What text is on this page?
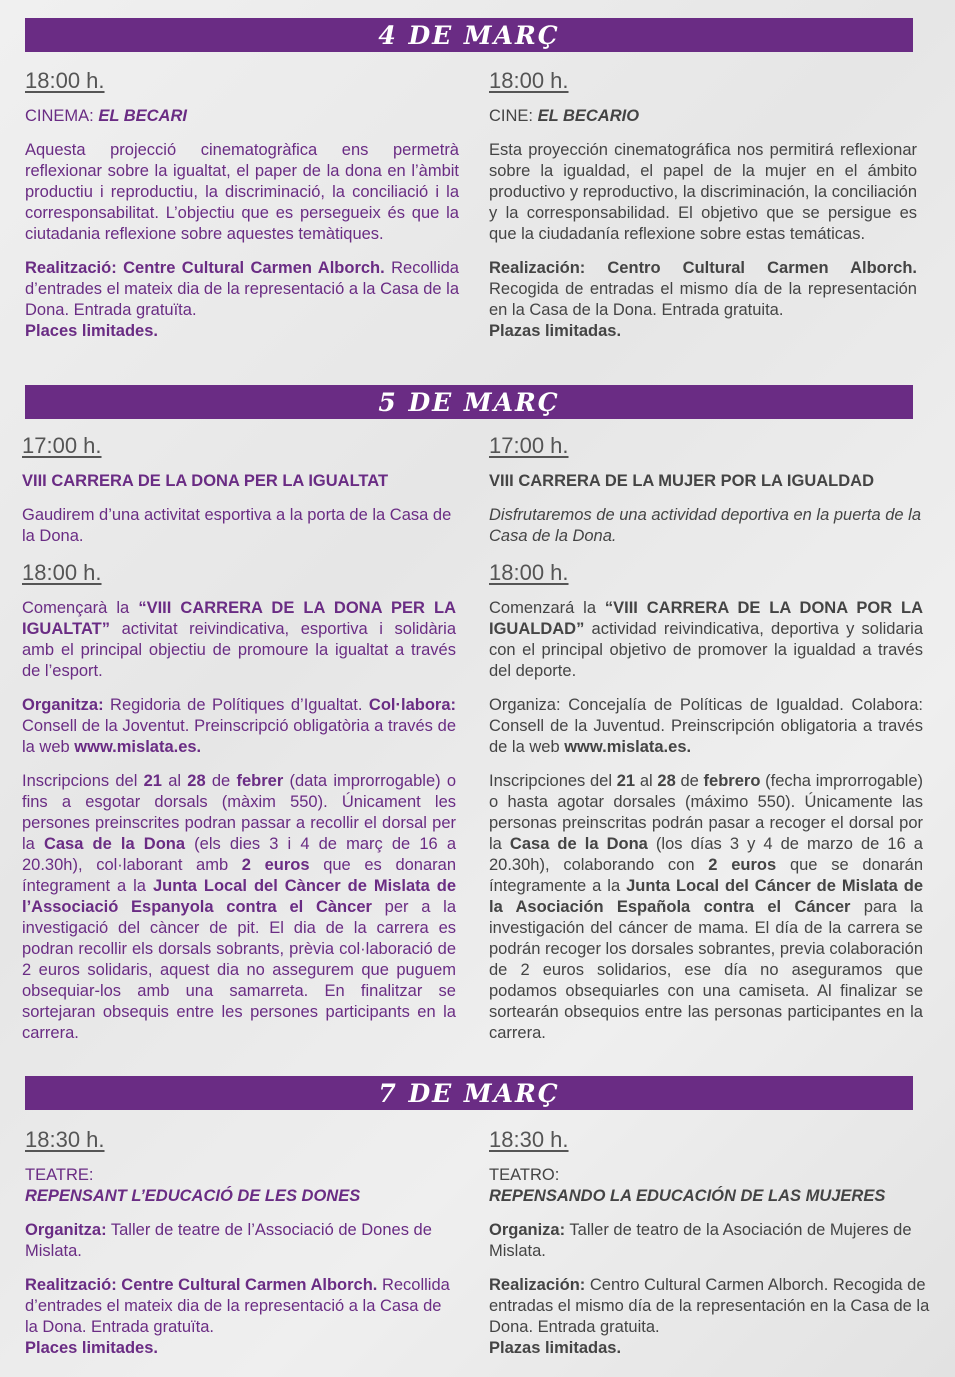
4 DE MARÇ
18:00 h.

CINEMA: EL BECARI

Aquesta projecció cinematogràfica ens permetrà reflexionar sobre la igualtat, el paper de la dona en l’àmbit productiu i reproductiu, la discriminació, la conciliació i la corresponsabilitat. L’objectiu que es persegueix és que la ciutadania reflexione sobre aquestes temàtiques.

Realització: Centre Cultural Carmen Alborch. Recollida d’entrades el mateix dia de la representació a la Casa de la Dona. Entrada gratuïta.

Places limitades.

18:00 h.

CINE: EL BECARIO

Esta proyección cinematográfica nos permitirá reflexionar sobre la igualdad, el papel de la mujer en el ámbito productivo y reproductivo, la discriminación, la conciliación y la corresponsabilidad. El objetivo que se persigue es que la ciudadanía reflexione sobre estas temáticas.

Realización: Centro Cultural Carmen Alborch. Recogida de entradas el mismo día de la representación en la Casa de la Dona. Entrada gratuita.

Plazas limitadas.

5 DE MARÇ
17:00 h.

VIII CARRERA DE LA DONA PER LA IGUALTAT

Gaudirem d’una activitat esportiva a la porta de la Casa de la Dona.

18:00 h.

Començarà la “VIII CARRERA DE LA DONA PER LA IGUALTAT” activitat reivindicativa, esportiva i solidària amb el principal objectiu de promoure la igualtat a través de l’esport.

Organitza: Regidoria de Polítiques d’Igualtat. Col·labora: Consell de la Joventut. Preinscripció obligatòria a través de la web www.mislata.es.

Inscripcions del 21 al 28 de febrer (data improrrogable) o fins a esgotar dorsals (màxim 550). Únicament les persones preinscrites podran passar a recollir el dorsal per la Casa de la Dona (els dies 3 i 4 de març de 16 a 20.30h), col·laborant amb 2 euros que es donaran íntegrament a la Junta Local del Càncer de Mislata de l’Associació Espanyola contra el Càncer per a la investigació del càncer de pit. El dia de la carrera es podran recollir els dorsals sobrants, prèvia col·laboració de 2 euros solidaris, aquest dia no assegurem que puguem obsequiar-los amb una samarreta. En finalitzar se sortejaran obsequis entre les persones participants en la carrera.

17:00 h.

VIII CARRERA DE LA MUJER POR LA IGUALDAD

Disfrutaremos de una actividad deportiva en la puerta de la Casa de la Dona.

18:00 h.

Comenzará la “VIII CARRERA DE LA DONA POR LA IGUALDAD” actividad reivindicativa, deportiva y solidaria con el principal objetivo de promover la igualdad a través del deporte.

Organiza: Concejalía de Políticas de Igualdad. Colabora: Consell de la Juventud. Preinscripción obligatoria a través de la web www.mislata.es.

Inscripciones del 21 al 28 de febrero (fecha improrrogable) o hasta agotar dorsales (máximo 550). Únicamente las personas preinscritas podrán pasar a recoger el dorsal por la Casa de la Dona (los días 3 y 4 de marzo de 16 a 20.30h), colaborando con 2 euros que se donarán íntegramente a la Junta Local del Cáncer de Mislata de la Asociación Española contra el Cáncer para la investigación del cáncer de mama. El día de la carrera se podrán recoger los dorsales sobrantes, previa colaboración de 2 euros solidarios, ese día no aseguramos que podamos obsequiarles con una camiseta. Al finalizar se sortearán obsequios entre las personas participantes en la carrera.

7 DE MARÇ
18:30 h.

TEATRE:

REPENSANT L’EDUCACIÓ DE LES DONES

Organitza: Taller de teatre de l’Associació de Dones de Mislata.

Realització: Centre Cultural Carmen Alborch. Recollida d’entrades el mateix dia de la representació a la Casa de la Dona. Entrada gratuïta.

Places limitades.

18:30 h.

TEATRO:

REPENSANDO LA EDUCACIÓN DE LAS MUJERES

Organiza: Taller de teatro de la Asociación de Mujeres de Mislata.

Realización: Centro Cultural Carmen Alborch. Recogida de entradas el mismo día de la representación en la Casa de la Dona. Entrada gratuita.

Plazas limitadas.
